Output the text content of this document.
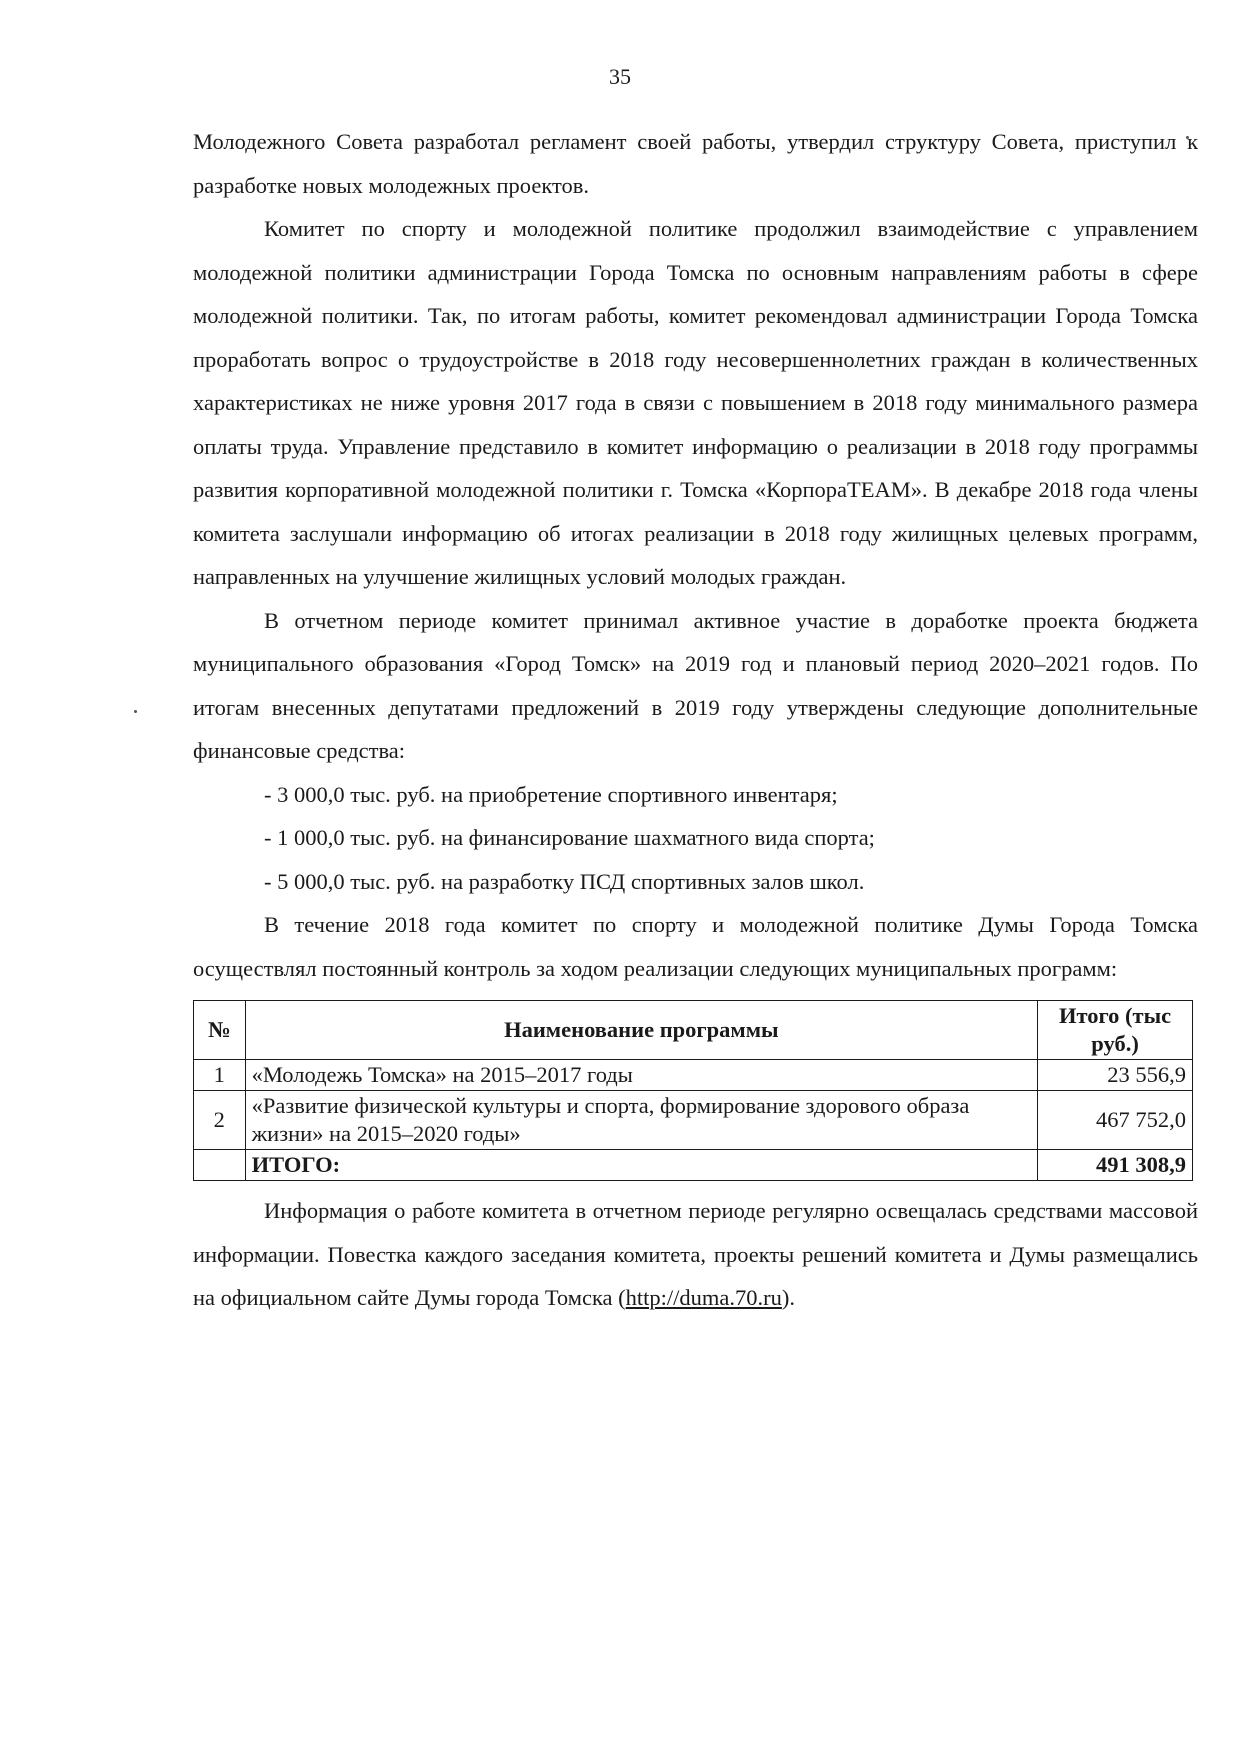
35

Молодежного Совета разработал регламент своей работы, утвердил структуру Совета, приступил к разработке новых молодежных проектов.

Комитет по спорту и молодежной политике продолжил взаимодействие с управлением молодежной политики администрации Города Томска по основным направлениям работы в сфере молодежной политики. Так, по итогам работы, комитет рекомендовал администрации Города Томска проработать вопрос о трудоустройстве в 2018 году несовершеннолетних граждан в количественных характеристиках не ниже уровня 2017 года в связи с повышением в 2018 году минимального размера оплаты труда. Управление представило в комитет информацию о реализации в 2018 году программы развития корпоративной молодежной политики г. Томска «КорпораTEAM». В декабре 2018 года члены комитета заслушали информацию об итогах реализации в 2018 году жилищных целевых программ, направленных на улучшение жилищных условий молодых граждан.

В отчетном периоде комитет принимал активное участие в доработке проекта бюджета муниципального образования «Город Томск» на 2019 год и плановый период 2020–2021 годов. По итогам внесенных депутатами предложений в 2019 году утверждены следующие дополнительные финансовые средства:

- 3 000,0 тыс. руб. на приобретение спортивного инвентаря;

- 1 000,0 тыс. руб. на финансирование шахматного вида спорта;

- 5 000,0 тыс. руб. на разработку ПСД спортивных залов школ.

В течение 2018 года комитет по спорту и молодежной политике Думы Города Томска осуществлял постоянный контроль за ходом реализации следующих муниципальных программ:

№	Наименование программы	Итого (тыс руб.)
1	«Молодежь Томска» на 2015–2017 годы	23 556,9
2	«Развитие физической культуры и спорта, формирование здорового образа жизни» на 2015–2020 годы»	467 752,0
	ИТОГО:	491 308,9

Информация о работе комитета в отчетном периоде регулярно освещалась средствами массовой информации. Повестка каждого заседания комитета, проекты решений комитета и Думы размещались на официальном сайте Думы города Томска (http://duma.70.ru).
